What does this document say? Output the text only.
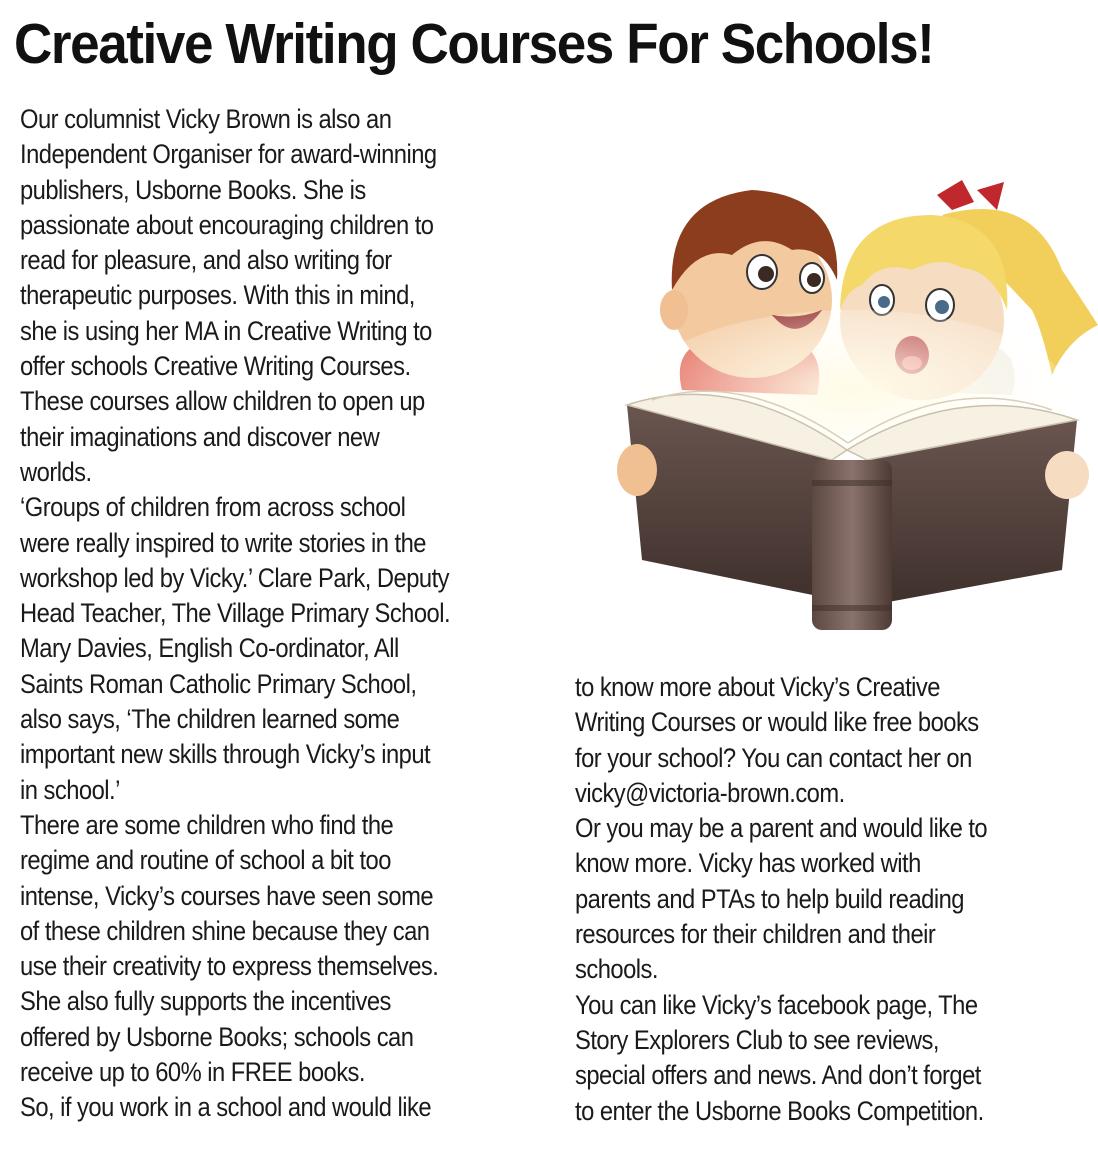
Creative Writing Courses For Schools!
Our columnist Vicky Brown is also an
Independent Organiser for award-winning
publishers, Usborne Books. She is
passionate about encouraging children to
read for pleasure, and also writing for
therapeutic purposes. With this in mind,
she is using her MA in Creative Writing to
offer schools Creative Writing Courses.
These courses allow children to open up
their imaginations and discover new
worlds.
‘Groups of children from across school
were really inspired to write stories in the
workshop led by Vicky.’ Clare Park, Deputy
Head Teacher, The Village Primary School.
Mary Davies, English Co-ordinator, All
Saints Roman Catholic Primary School,
also says, ‘The children learned some
important new skills through Vicky’s input
in school.’
There are some children who find the
regime and routine of school a bit too
intense, Vicky’s courses have seen some
of these children shine because they can
use their creativity to express themselves.
She also fully supports the incentives
offered by Usborne Books; schools can
receive up to 60% in FREE books.
So, if you work in a school and would like
to know more about Vicky’s Creative
Writing Courses or would like free books
for your school? You can contact her on
vicky@victoria-brown.com.
Or you may be a parent and would like to
know more. Vicky has worked with
parents and PTAs to help build reading
resources for their children and their
schools.
You can like Vicky’s facebook page, The
Story Explorers Club to see reviews,
special offers and news. And don’t forget
to enter the Usborne Books Competition.
